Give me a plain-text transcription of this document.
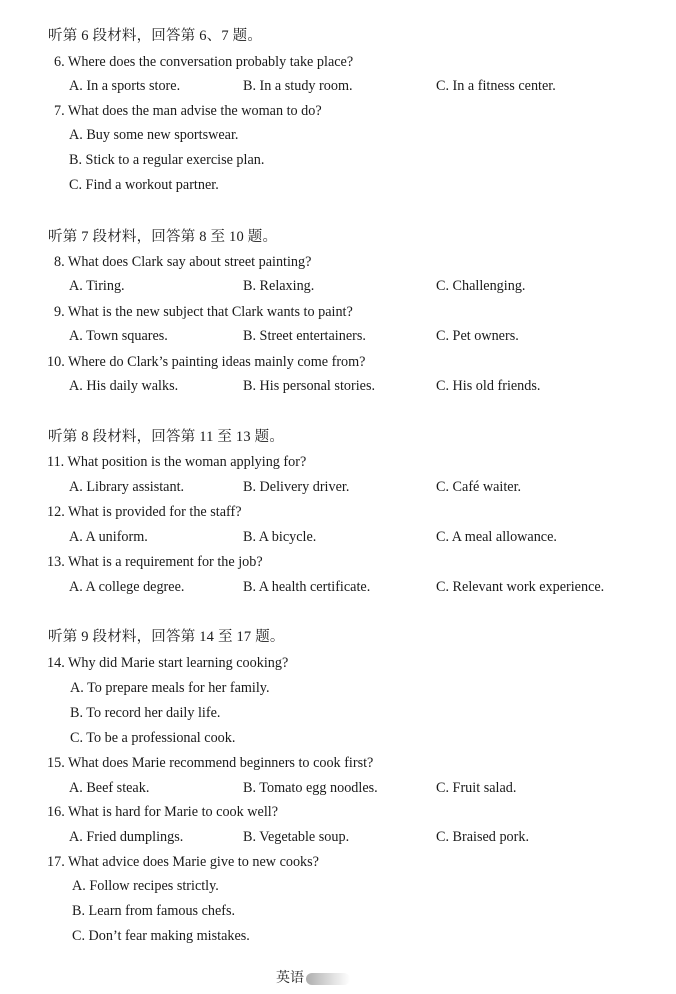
听第 6 段材料，回答第 6、7 题。
6. Where does the conversation probably take place?
A. In a sports store.	B. In a study room.	C. In a fitness center.
7. What does the man advise the woman to do?
A. Buy some new sportswear.
B. Stick to a regular exercise plan.
C. Find a workout partner.
听第 7 段材料，回答第 8 至 10 题。
8. What does Clark say about street painting?
A. Tiring.	B. Relaxing.	C. Challenging.
9. What is the new subject that Clark wants to paint?
A. Town squares.	B. Street entertainers.	C. Pet owners.
10. Where do Clark’s painting ideas mainly come from?
A. His daily walks.	B. His personal stories.	C. His old friends.
听第 8 段材料，回答第 11 至 13 题。
11. What position is the woman applying for?
A. Library assistant.	B. Delivery driver.	C. Café waiter.
12. What is provided for the staff?
A. A uniform.	B. A bicycle.	C. A meal allowance.
13. What is a requirement for the job?
A. A college degree.	B. A health certificate.	C. Relevant work experience.
听第 9 段材料，回答第 14 至 17 题。
14. Why did Marie start learning cooking?
A. To prepare meals for her family.
B. To record her daily life.
C. To be a professional cook.
15. What does Marie recommend beginners to cook first?
A. Beef steak.	B. Tomato egg noodles.	C. Fruit salad.
16. What is hard for Marie to cook well?
A. Fried dumplings.	B. Vegetable soup.	C. Braised pork.
17. What advice does Marie give to new cooks?
A. Follow recipes strictly.
B. Learn from famous chefs.
C. Don’t fear making mistakes.
英语
